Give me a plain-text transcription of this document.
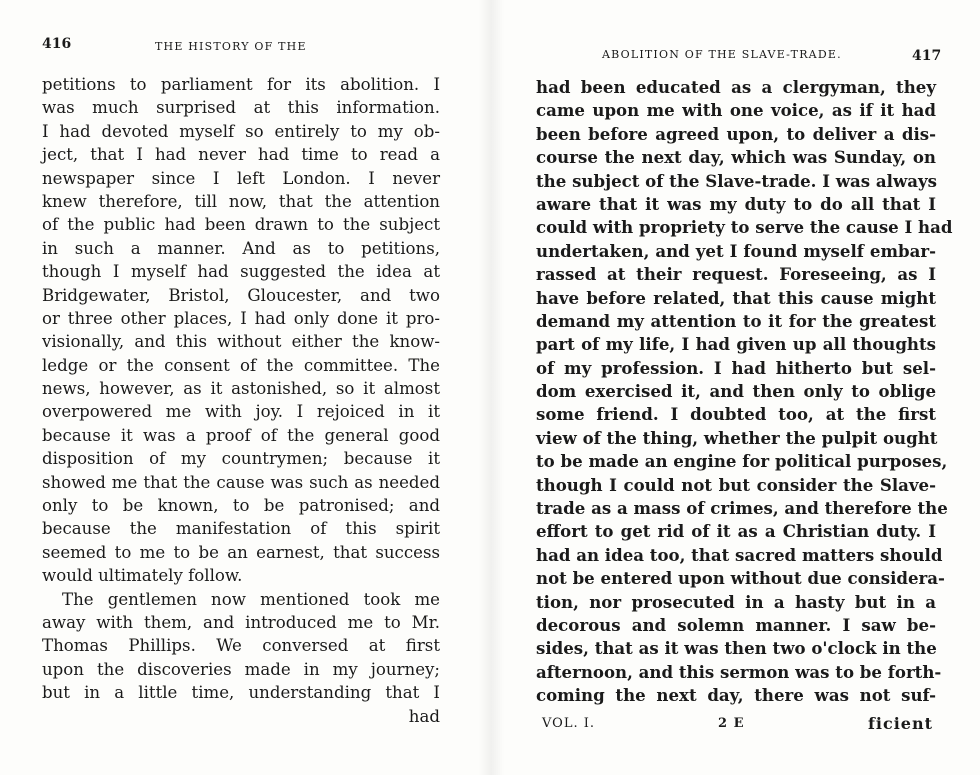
416	THE HISTORY OF THE
petitions to parliament for its abolition. I
was much surprised at this information.
I had devoted myself so entirely to my ob-
ject, that I had never had time to read a
newspaper since I left London. I never
knew therefore, till now, that the attention
of the public had been drawn to the subject
in such a manner. And as to petitions,
though I myself had suggested the idea at
Bridgewater, Bristol, Gloucester, and two
or three other places, I had only done it pro-
visionally, and this without either the know-
ledge or the consent of the committee. The
news, however, as it astonished, so it almost
overpowered me with joy. I rejoiced in it
because it was a proof of the general good
disposition of my countrymen; because it
showed me that the cause was such as needed
only to be known, to be patronised; and
because the manifestation of this spirit
seemed to me to be an earnest, that success
would ultimately follow.
The gentlemen now mentioned took me
away with them, and introduced me to Mr.
Thomas Phillips. We conversed at first
upon the discoveries made in my journey;
but in a little time, understanding that I
had
ABOLITION OF THE SLAVE-TRADE.	417
had been educated as a clergyman, they
came upon me with one voice, as if it had
been before agreed upon, to deliver a dis-
course the next day, which was Sunday, on
the subject of the Slave-trade. I was always
aware that it was my duty to do all that I
could with propriety to serve the cause I had
undertaken, and yet I found myself embar-
rassed at their request. Foreseeing, as I
have before related, that this cause might
demand my attention to it for the greatest
part of my life, I had given up all thoughts
of my profession. I had hitherto but sel-
dom exercised it, and then only to oblige
some friend. I doubted too, at the first
view of the thing, whether the pulpit ought
to be made an engine for political purposes,
though I could not but consider the Slave-
trade as a mass of crimes, and therefore the
effort to get rid of it as a Christian duty. I
had an idea too, that sacred matters should
not be entered upon without due considera-
tion, nor prosecuted in a hasty but in a
decorous and solemn manner. I saw be-
sides, that as it was then two o'clock in the
afternoon, and this sermon was to be forth-
coming the next day, there was not suf-
VOL. I.	2 E	ficient
